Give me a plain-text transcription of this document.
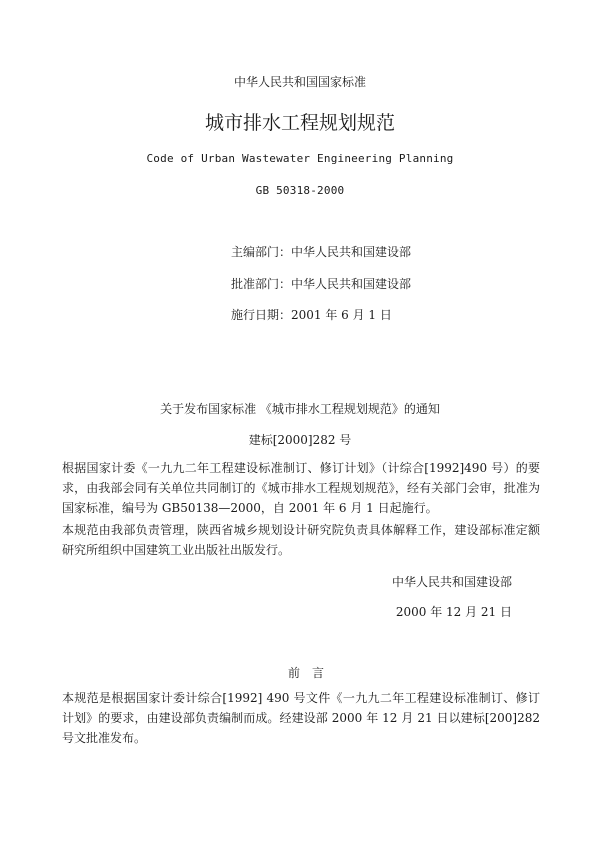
中华人民共和国国家标准
城市排水工程规划规范
Code of Urban Wastewater Engineering Planning
GB 50318-2000
主编部门：中华人民共和国建设部
批准部门：中华人民共和国建设部
施行日期：2001 年 6 月 1 日
关于发布国家标准 《城市排水工程规划规范》的通知
建标[2000]282 号
根据国家计委《一九九二年工程建设标准制订、修订计划》（计综合[1992]490 号）的要求，由我部会同有关单位共同制订的《城市排水工程规划规范》，经有关部门会审，批准为国家标准，编号为 GB50138—2000，自 2001 年 6 月 1 日起施行。
本规范由我部负责管理，陕西省城乡规划设计研究院负责具体解释工作，建设部标准定额研究所组织中国建筑工业出版社出版发行。
中华人民共和国建设部
2000 年 12 月 21 日
前言
本规范是根据国家计委计综合[1992] 490 号文件《一九九二年工程建设标准制订、修订计划》的要求，由建设部负责编制而成。经建设部 2000 年 12 月 21 日以建标[200]282 号文批准发布。
